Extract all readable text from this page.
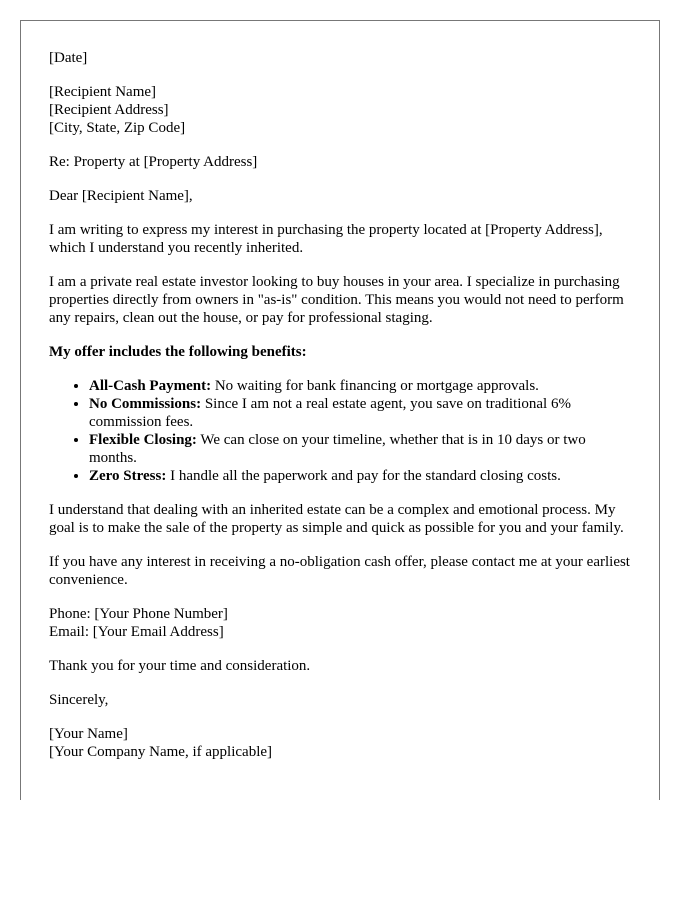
[Date]

[Recipient Name]

[Recipient Address]

[City, State, Zip Code]

Re: Property at [Property Address]

Dear [Recipient Name],

I am writing to express my interest in purchasing the property located at [Property Address], which I understand you recently inherited.

I am a private real estate investor looking to buy houses in your area. I specialize in purchasing properties directly from owners in "as-is" condition. This means you would not need to perform any repairs, clean out the house, or pay for professional staging.

My offer includes the following benefits:

• All-Cash Payment: No waiting for bank financing or mortgage approvals.
• No Commissions: Since I am not a real estate agent, you save on traditional 6% commission fees.
• Flexible Closing: We can close on your timeline, whether that is in 10 days or two months.
• Zero Stress: I handle all the paperwork and pay for the standard closing costs.

I understand that dealing with an inherited estate can be a complex and emotional process. My goal is to make the sale of the property as simple and quick as possible for you and your family.

If you have any interest in receiving a no-obligation cash offer, please contact me at your earliest convenience.

Phone: [Your Phone Number]

Email: [Your Email Address]

Thank you for your time and consideration.

Sincerely,

[Your Name]

[Your Company Name, if applicable]
